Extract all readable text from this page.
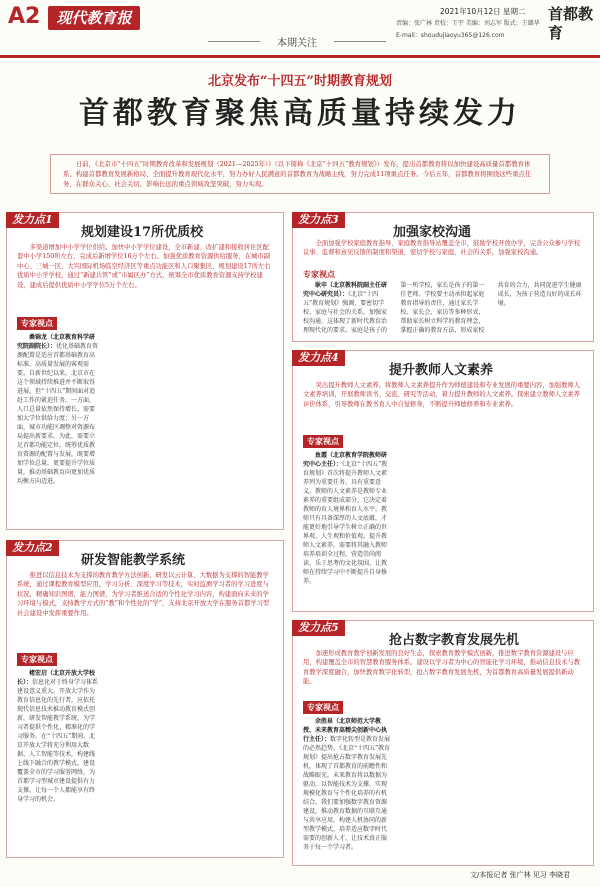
A2	现代教育报
本期关注
2021年10月12日 星期二
责编：张广林 责校：王宇 美编：刘志军 版式：王璐华
E-mail：shoudujiaoyu365@126.com
首都教育
北京发布“十四五”时期教育规划
首都教育聚焦高质量持续发力
日前，《北京市“十四五”时期教育改革和发展规划（2021—2025年）》（以下简称《北京“十四五”教育规划》）发布，提出首都教育将以加快建设高质量首都教育体系、构建首都教育发展新格局、全面提升教育现代化水平，努力办好人民满意的首都教育为战略主线，努力完成11项重点任务。今后五年，首都教育将围绕这些重点任务，在群众关心、社会关切、影响长远的重点领域攻坚突破，努力实现。
发力点1
规划建设17所优质校
多渠道增加中小学学位供给。加快中小学学位建设，全市新建、改扩建和接收居住区配套中小学150所左右，完成后新增学位16万个左右。加强优质教育资源供给服务，在城市副中心、三城一区、大兴国际机场临空经济区等重点功能区和人口聚集区，规划建设17所左右优质中小学学校，通过“新建共管”或“市属区办”方式，统筹全市优质教育资源支持学校建设，建成后提供优质中小学学位5万个左右。
专家视点
桑锦龙（北京教育科学研究院副院长）：优化基础教育资源配置是适应首都基础教育高标准、高质量发展的客观需要。自新世纪以来，北京市在这个领域持续推进并不断取得进展，但“十四五”期间面对追赶工作的紧迫任务，一方面，人口总量依然保持增长，需要加大学位供给力度；另一方面，城市功能区调整对资源布局提出新要求。为此，需要立足首都功能定位，统筹优质教育资源的配置与发展，既要增加学位总量，更要提升学位质量，推动基础教育向更加优质均衡方向迈进。
发力点2
研发智能教学系统
推进以信息技术为支撑的教育教学方法创新，研发以云计算、大数据为支撑的智能教学系统，通过课程教育模型应用，学习分析、深度学习等技术，实时监测学习者的学习进度与状况，精确知识图谱，能力图谱，为学习者推送合适的个性化学习内容，构建面向未来的学习环境与模式，支持教学方式的“教”和个性化的“学”，支持北京开放大学在服务首都学习型社会建设中发挥重要作用。
专家视点
褚宏启（北京开放大学校长）：信息化对于终身学习体系建设意义重大。开放大学作为教育信息化的先行者，应依托现代信息技术推动教育模式创新，研发智能教学系统，为学习者提供个性化、精准化的学习服务。在“十四五”期间，北京开放大学将充分利用大数据、人工智能等技术，构建线上线下融合的教学模式，建设覆盖全市的学习服务网络，为首都学习型城市建设提供有力支撑，让每一个人都能享有终身学习的机会。
发力点3
加强家校沟通
全面加强学校家庭教育指导，家庭教育指导站覆盖全市，鼓励学校开放办学，完善公众参与学校议事、监督和意见反馈的制度和渠道，密切学校与家庭、社会的关系，加强家校沟通。
专家视点
耿申（北京教科院副主任研究中心研究员）：《北京“十四五”教育规划》强调，要密切学校、家庭与社会的关系，加强家校沟通，这体现了新时代教育治理现代化的要求。家庭是孩子的第一所学校，家长是孩子的第一任老师。学校要主动承担起家庭教育指导的责任，通过家长学校、家长会、家访等多种形式，帮助家长树立科学的教育理念，掌握正确的教育方法，形成家校共育的合力，共同促进学生健康成长，为孩子营造良好的成长环境。
发力点4
提升教师人文素养
突出提升教师人文素养。将教师人文素养提升作为师德建设和专业发展的重要内容，加强教师人文素养培训，开展教师读书、交流、研究等活动，着力提升教师的人文素养。探索建立教师人文素养评价体系，引导教师在教书育人中自觉修身，不断提升师德修养和专业素养。
专家视点
鱼霞（北京教育学院教师研究中心主任）：《北京“十四五”教育规划》首次将提升教师人文素养列为重要任务，具有重要意义。教师的人文素养是教师专业素养的重要组成部分，它决定着教师的育人境界和育人水平。教师只有具备深厚的人文底蕴，才能更好地引导学生树立正确的世界观、人生观和价值观。提升教师人文素养，需要将其融入教师培养培训全过程，营造崇尚阅读、乐于思考的文化氛围，让教师在持续学习中不断提升自身修养。
发力点5
抢占数字教育发展先机
加速形成教育教学创新发展的良好生态，探索教育教学模式创新，推进数字教育资源建设与应用，构建覆盖全市的智慧教育服务体系。建设以学习者为中心的智能化学习环境，推动信息技术与教育教学深度融合，加快教育数字化转型，抢占数字教育发展先机，为首都教育高质量发展提供新动能。
专家视点
余胜泉（北京师范大学教授、未来教育高精尖创新中心执行主任）：数字化转型是教育发展的必然趋势。《北京“十四五”教育规划》提出抢占数字教育发展先机，体现了首都教育的前瞻性和战略眼光。未来教育将以数据为驱动，以智能技术为支撑，实现规模化教育与个性化培养的有机结合。我们要加强数字教育资源建设，推动教育数据的互联互通与共享应用，构建人机协同的新型教学模式，培养适应数字时代需要的创新人才，让技术真正服务于每一个学习者。
文/本报记者 张广林 见习 李晓君
